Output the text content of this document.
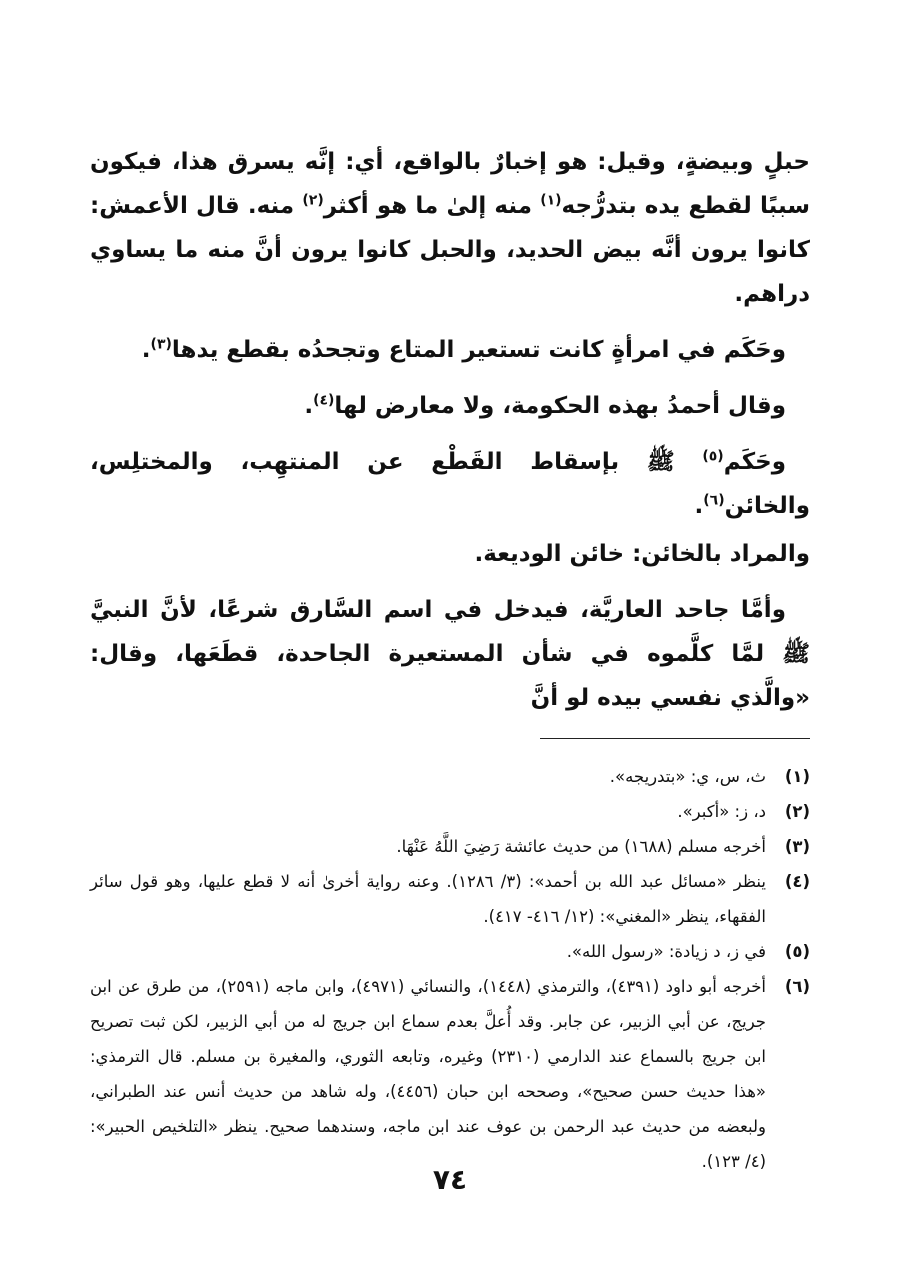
حبلٍ وبيضةٍ، وقيل: هو إخبارٌ بالواقع، أي: إنَّه يسرق هذا، فيكون سببًا لقطع يده بتدرُّجه$^{(١)}$ منه إلىٰ ما هو أكثر$^{(٢)}$ منه. قال الأعمش: كانوا يرون أنَّه بيض الحديد، والحبل كانوا يرون أنَّ منه ما يساوي دراهم.

وحَكَم في امرأةٍ كانت تستعير المتاع وتجحدُه بقطع يدها$^{(٣)}$.

وقال أحمدُ بهذه الحكومة، ولا معارض لها$^{(٤)}$.

وحَكَم$^{(٥)}$ ﷺ بإسقاط القَطْع عن المنتهِب، والمختلِس، والخائن$^{(٦)}$.

والمراد بالخائن: خائن الوديعة.

وأمَّا جاحد العاريَّة، فيدخل في اسم السَّارق شرعًا، لأنَّ النبيَّ ﷺ لمَّا كلَّموه في شأن المستعيرة الجاحدة، قطَعَها، وقال: «والَّذي نفسي بيده لو أنَّ

(١)
ث، س، ي: «بتدريجه».
(٢)
د، ز: «أكبر».
(٣)
أخرجه مسلم (١٦٨٨) من حديث عائشة رَضِيَ اللَّهُ عَنْهَا.
(٤)
ينظر «مسائل عبد الله بن أحمد»: (٣/ ١٢٨٦). وعنه رواية أخرىٰ أنه لا قطع عليها، وهو قول سائر الفقهاء، ينظر «المغني»: (١٢/ ٤١٦- ٤١٧).
(٥)
في ز، د زيادة: «رسول الله».
(٦)
أخرجه أبو داود (٤٣٩١)، والترمذي (١٤٤٨)، والنسائي (٤٩٧١)، وابن ماجه (٢٥٩١)، من طرق عن ابن جريج، عن أبي الزبير، عن جابر. وقد أُعلَّ بعدم سماع ابن جريج له من أبي الزبير، لكن ثبت تصريح ابن جريج بالسماع عند الدارمي (٢٣١٠) وغيره، وتابعه الثوري، والمغيرة بن مسلم. قال الترمذي: «هذا حديث حسن صحيح»، وصححه ابن حبان (٤٤٥٦)، وله شاهد من حديث أنس عند الطبراني، ولبعضه من حديث عبد الرحمن بن عوف عند ابن ماجه، وسندهما صحيح. ينظر «التلخيص الحبير»: (٤/ ١٢٣).
٧٤
